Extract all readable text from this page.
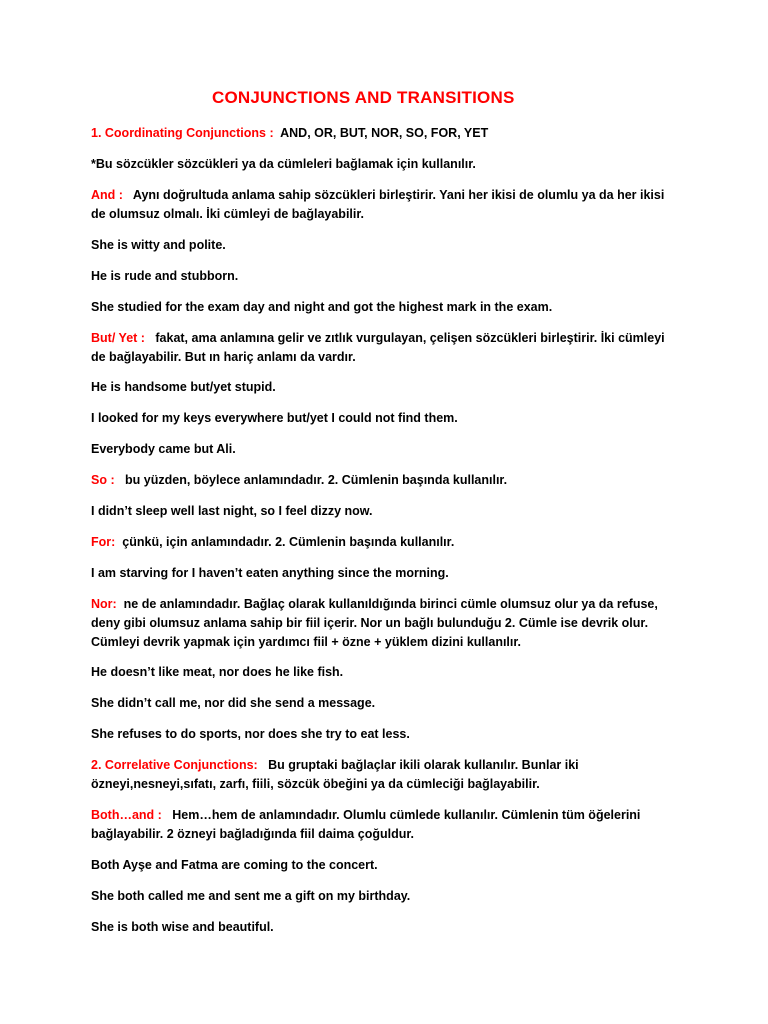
CONJUNCTIONS AND TRANSITIONS
1. Coordinating Conjunctions : AND, OR, BUT, NOR, SO, FOR, YET
*Bu sözcükler sözcükleri ya da cümleleri bağlamak için kullanılır.
And : Aynı doğrultuda anlama sahip sözcükleri birleştirir. Yani her ikisi de olumlu ya da her ikisi de olumsuz olmalı. İki cümleyi de bağlayabilir.
She is witty and polite.
He is rude and stubborn.
She studied for the exam day and night and got the highest mark in the exam.
But/ Yet : fakat, ama anlamına gelir ve zıtlık vurgulayan, çelişen sözcükleri birleştirir. İki cümleyi de bağlayabilir. But ın hariç anlamı da vardır.
He is handsome but/yet stupid.
I looked for my keys everywhere but/yet I could not find them.
Everybody came but Ali.
So : bu yüzden, böylece anlamındadır. 2. Cümlenin başında kullanılır.
I didn’t sleep well last night, so I feel dizzy now.
For: çünkü, için anlamındadır. 2. Cümlenin başında kullanılır.
I am starving for I haven’t eaten anything since the morning.
Nor: ne de anlamındadır. Bağlaç olarak kullanıldığında birinci cümle olumsuz olur ya da refuse, deny gibi olumsuz anlama sahip bir fiil içerir. Nor un bağlı bulunduğu 2. Cümle ise devrik olur. Cümleyi devrik yapmak için yardımcı fiil + özne + yüklem dizini kullanılır.
He doesn’t like meat, nor does he like fish.
She didn’t call me, nor did she send a message.
She refuses to do sports, nor does she try to eat less.
2. Correlative Conjunctions: Bu gruptaki bağlaçlar ikili olarak kullanılır. Bunlar iki özneyi,nesneyi,sıfatı, zarfı, fiili, sözcük öbeğini ya da cümleciği bağlayabilir.
Both…and : Hem…hem de anlamındadır. Olumlu cümlede kullanılır. Cümlenin tüm öğelerini bağlayabilir. 2 özneyi bağladığında fiil daima çoğuldur.
Both Ayşe and Fatma are coming to the concert.
She both called me and sent me a gift on my birthday.
She is both wise and beautiful.
